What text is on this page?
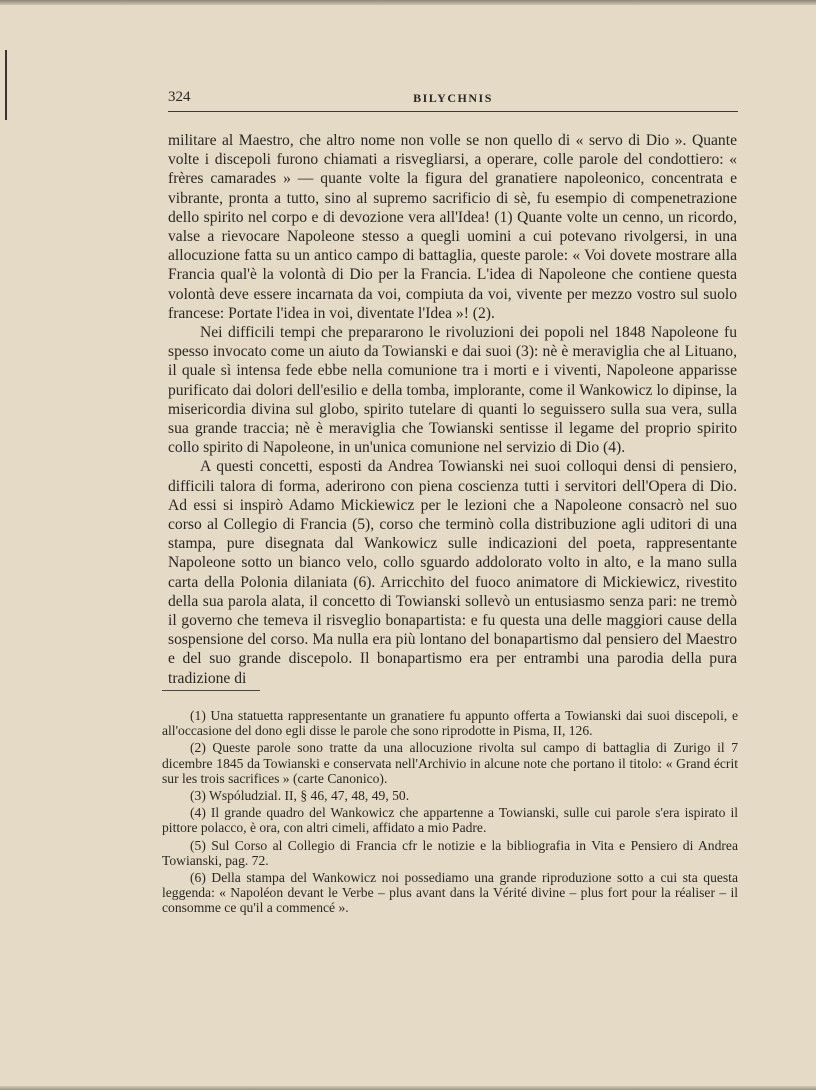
324	BILYCHNIS

militare al Maestro, che altro nome non volle se non quello di « servo di Dio ». Quante volte i discepoli furono chiamati a risvegliarsi, a operare, colle parole del condottiero: « frères camarades » — quante volte la figura del granatiere napoleonico, concentrata e vibrante, pronta a tutto, sino al supremo sacrificio di sè, fu esempio di compenetrazione dello spirito nel corpo e di devozione vera all'Idea! (1) Quante volte un cenno, un ricordo, valse a rievocare Napoleone stesso a quegli uomini a cui potevano rivolgersi, in una allocuzione fatta su un antico campo di battaglia, queste parole: « Voi dovete mostrare alla Francia qual'è la volontà di Dio per la Francia. L'idea di Napoleone che contiene questa volontà deve essere incarnata da voi, compiuta da voi, vivente per mezzo vostro sul suolo francese: Portate l'idea in voi, diventate l'Idea »! (2).

Nei difficili tempi che prepararono le rivoluzioni dei popoli nel 1848 Napoleone fu spesso invocato come un aiuto da Towianski e dai suoi (3): nè è meraviglia che al Lituano, il quale sì intensa fede ebbe nella comunione tra i morti e i viventi, Napoleone apparisse purificato dai dolori dell'esilio e della tomba, implorante, come il Wankowicz lo dipinse, la misericordia divina sul globo, spirito tutelare di quanti lo seguissero sulla sua vera, sulla sua grande traccia; nè è meraviglia che Towianski sentisse il legame del proprio spirito collo spirito di Napoleone, in un'unica comunione nel servizio di Dio (4).

A questi concetti, esposti da Andrea Towianski nei suoi colloqui densi di pensiero, difficili talora di forma, aderirono con piena coscienza tutti i servitori dell'Opera di Dio. Ad essi si inspirò Adamo Mickiewicz per le lezioni che a Napoleone consacrò nel suo corso al Collegio di Francia (5), corso che terminò colla distribuzione agli uditori di una stampa, pure disegnata dal Wankowicz sulle indicazioni del poeta, rappresentante Napoleone sotto un bianco velo, collo sguardo addolorato volto in alto, e la mano sulla carta della Polonia dilaniata (6). Arricchito del fuoco animatore di Mickiewicz, rivestito della sua parola alata, il concetto di Towianski sollevò un entusiasmo senza pari: ne tremò il governo che temeva il risveglio bonapartista: e fu questa una delle maggiori cause della sospensione del corso. Ma nulla era più lontano del bonapartismo dal pensiero del Maestro e del suo grande discepolo. Il bonapartismo era per entrambi una parodia della pura tradizione di

(1) Una statuetta rappresentante un granatiere fu appunto offerta a Towianski dai suoi discepoli, e all'occasione del dono egli disse le parole che sono riprodotte in Pisma, II, 126.

(2) Queste parole sono tratte da una allocuzione rivolta sul campo di battaglia di Zurigo il 7 dicembre 1845 da Towianski e conservata nell'Archivio in alcune note che portano il titolo: « Grand écrit sur les trois sacrifices » (carte Canonico).

(3) Wspóludzial. II, § 46, 47, 48, 49, 50.

(4) Il grande quadro del Wankowicz che appartenne a Towianski, sulle cui parole s'era ispirato il pittore polacco, è ora, con altri cimeli, affidato a mio Padre.

(5) Sul Corso al Collegio di Francia cfr le notizie e la bibliografia in Vita e Pensiero di Andrea Towianski, pag. 72.

(6) Della stampa del Wankowicz noi possediamo una grande riproduzione sotto a cui sta questa leggenda: « Napoléon devant le Verbe – plus avant dans la Vérité divine – plus fort pour la réaliser – il consomme ce qu'il a commencé ».
